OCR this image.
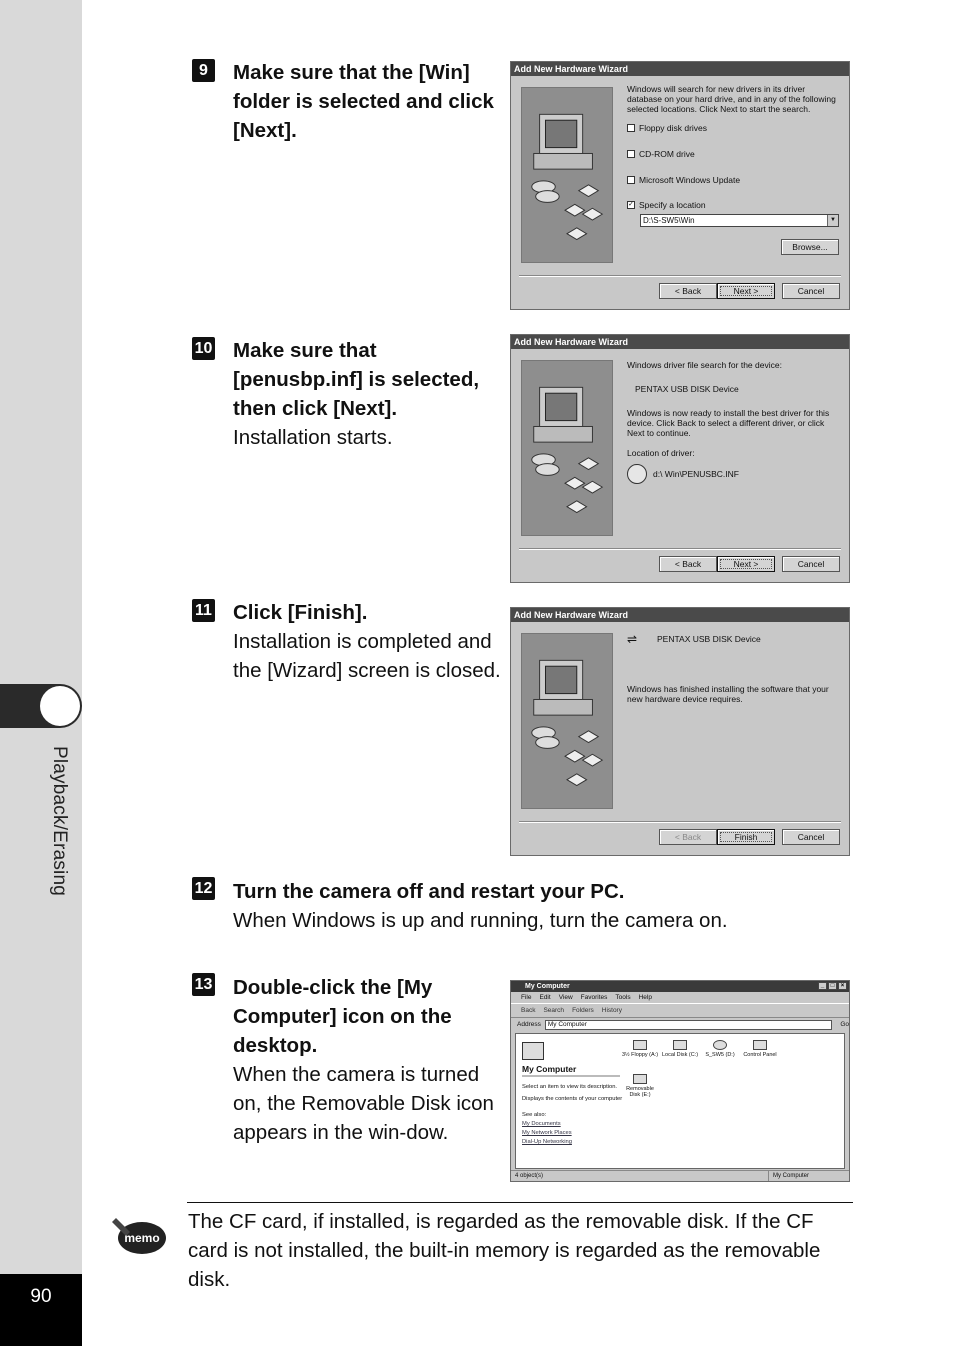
Playback/Erasing
90
9	Make sure that the [Win] folder is selected and click [Next].
Add New Hardware Wizard
Windows will search for new drivers in its driver database on your hard drive, and in any of the following selected locations. Click Next to start the search.
Floppy disk drives
CD-ROM drive
Microsoft Windows Update
✓ Specify a location
D:\S-SW5\Win	▼
Browse...
< Back	Next >	Cancel
10 Make sure that [penusbp.inf] is selected, then click [Next].
Installation starts.
Add New Hardware Wizard
Windows driver file search for the device:
PENTAX USB DISK Device
Windows is now ready to install the best driver for this device. Click Back to select a different driver, or click Next to continue.
Location of driver:
d:\ Win\PENUSBC.INF
< Back	Next >	Cancel
11 Click [Finish].
Installation is completed and the [Wizard] screen is closed.
Add New Hardware Wizard
⇌	PENTAX USB DISK Device
Windows has finished installing the software that your new hardware device requires.
< Back	Finish	Cancel
12 Turn the camera off and restart your PC.
When Windows is up and running, turn the camera on.
13 Double-click the [My Computer] icon on the desktop.
When the camera is turned on, the Removable Disk icon appears in the win-dow.
My Computer	_	□	×
File Edit View Favorites Tools Help
Back Search Folders History
Address	My Computer	Go
My Computer
Select an item to view its description.
Displays the contents of your computer
See also:
My Documents
My Network Places
Dial-Up Networking
3½ Floppy (A:) Local Disk (C:)	S_SW5 (D:)	Control Panel
Removable Disk (E:)
4 object(s)	My Computer
memo
The CF card, if installed, is regarded as the removable disk. If the CF card is not installed, the built-in memory is regarded as the removable disk.
